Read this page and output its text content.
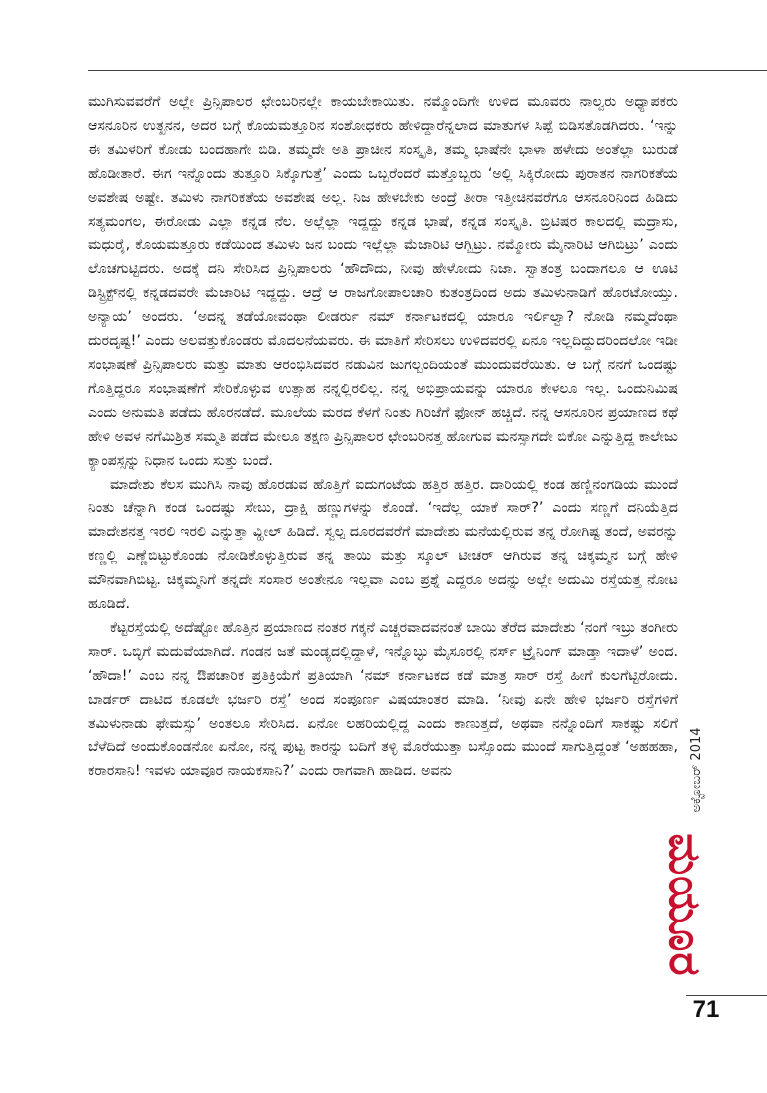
ಮುಗಿಸುವವರೆಗೆ ಅಲ್ಲೇ ಪ್ರಿನ್ಸಿಪಾಲರ ಛೇಂಬರಿನಲ್ಲೇ ಕಾಯಬೇಕಾಯಿತು. ನಮ್ಮೊಂದಿಗೇ ಉಳಿದ ಮೂವರು ನಾಲ್ವರು ಅಧ್ಯಾಪಕರು ಆಸನೂರಿನ ಉತ್ಖನನ, ಅದರ ಬಗ್ಗೆ ಕೊಯಮತ್ತೂರಿನ ಸಂಶೋಧಕರು ಹೇಳಿದ್ದಾರೆನ್ನಲಾದ ಮಾತುಗಳ ಸಿಪ್ಪೆ ಬಿಡಿಸತೊಡಗಿದರು. ‘ಇನ್ನು ಈ ತಮಿಳರಿಗೆ ಕೋಡು ಬಂದಹಾಗೇ ಬಿಡಿ. ತಮ್ಮದೇ ಅತಿ ಪ್ರಾಚೀನ ಸಂಸ್ಕೃತಿ, ತಮ್ಮ ಭಾಷೆನೇ ಭಾಳಾ ಹಳೇದು ಅಂತೆಲ್ಲಾ ಬುರುಡೆ ಹೊಡೀತಾರೆ. ಈಗ ಇನ್ನೊಂದು ತುತ್ತೂರಿ ಸಿಕ್ಕೊಗುತ್ತೆ’ ಎಂದು ಒಬ್ಬರೆಂದರೆ ಮತ್ತೊಬ್ಬರು ‘ಅಲ್ಲಿ ಸಿಕ್ಕಿರೋದು ಪುರಾತನ ನಾಗರಿಕತೆಯ ಅವಶೇಷ ಅಷ್ಟೇ. ತಮಿಳು ನಾಗರಿಕತೆಯ ಅವಶೇಷ ಅಲ್ಲ. ನಿಜ ಹೇಳಬೇಕು ಅಂದ್ರೆ ತೀರಾ ಇತ್ತೀಚಿನವರೆಗೂ ಆಸನೂರಿನಿಂದ ಹಿಡಿದು ಸತ್ಯಮಂಗಲ, ಈರೋಡು ಎಲ್ಲಾ ಕನ್ನಡ ನೆಲ. ಅಲ್ಲೆಲ್ಲಾ ಇದ್ದದ್ದು ಕನ್ನಡ ಭಾಷೆ, ಕನ್ನಡ ಸಂಸ್ಕೃತಿ. ಬ್ರಿಟಿಷರ ಕಾಲದಲ್ಲಿ ಮದ್ರಾಸು, ಮಧುರೈ, ಕೊಯಮತ್ತೂರು ಕಡೆಯಿಂದ ತಮಿಳು ಜನ ಬಂದು ಇಲ್ಲೆಲ್ಲಾ ಮೆಜಾರಿಟಿ ಆಗ್ಬಿಟ್ರು. ನಮ್ಮೋರು ಮೈನಾರಿಟಿ ಆಗಿಬಿಟ್ರು’ ಎಂದು ಲೊಚಗುಟ್ಟಿದರು. ಅದಕ್ಕೆ ದನಿ ಸೇರಿಸಿದ ಪ್ರಿನ್ಸಿಪಾಲರು ‘ಹೌದೌದು, ನೀವು ಹೇಳೋದು ನಿಜಾ. ಸ್ವಾತಂತ್ರ ಬಂದಾಗಲೂ ಆ ಊಟಿ ಡಿಸ್ಟ್ರಿಕ್ಟ್‌ನಲ್ಲಿ ಕನ್ನಡದವರೇ ಮೆಜಾರಿಟಿ ಇದ್ದದ್ದು. ಆದ್ರೆ ಆ ರಾಜಗೋಪಾಲಚಾರಿ ಕುತಂತ್ರದಿಂದ ಅದು ತಮಿಳುನಾಡಿಗೆ ಹೊರಟೋಯ್ತು. ಅನ್ಯಾಯ’ ಅಂದರು. ‘ಅದನ್ನ ತಡೆಯೋವಂಥಾ ಲೀಡರ್ರು ನಮ್ ಕರ್ನಾಟಕದಲ್ಲಿ ಯಾರೂ ಇರ್ಲಿಲ್ವಾ? ನೋಡಿ ನಮ್ಮದೆಂಥಾ ದುರದೃಷ್ಟ!’ ಎಂದು ಅಲವತ್ತುಕೊಂಡರು ಮೊದಲನೆಯವರು. ಈ ಮಾತಿಗೆ ಸೇರಿಸಲು ಉಳಿದವರಲ್ಲಿ ಏನೂ ಇಲ್ಲದಿದ್ದುದರಿಂದಲೋ ಇಡೀ ಸಂಭಾಷಣೆ ಪ್ರಿನ್ಸಿಪಾಲರು ಮತ್ತು ಮಾತು ಆರಂಭಿಸಿದವರ ನಡುವಿನ ಜುಗಲ್ಬಂದಿಯಂತೆ ಮುಂದುವರೆಯಿತು. ಆ ಬಗ್ಗೆ ನನಗೆ ಒಂದಷ್ಟು ಗೊತ್ತಿದ್ದರೂ ಸಂಭಾಷಣೆಗೆ ಸೇರಿಕೊಳ್ಳುವ ಉತ್ಸಾಹ ನನ್ನಲ್ಲಿರಲಿಲ್ಲ. ನನ್ನ ಅಭಿಪ್ರಾಯವನ್ನು ಯಾರೂ ಕೇಳಲೂ ಇಲ್ಲ. ಒಂದುನಿಮಿಷ ಎಂದು ಅನುಮತಿ ಪಡೆದು ಹೊರನಡೆದೆ. ಮೂಲೆಯ ಮರದ ಕೆಳಗೆ ನಿಂತು ಗಿರಿಜೆಗೆ ಫೋನ್ ಹಚ್ಚಿದೆ. ನನ್ನ ಆಸನೂರಿನ ಪ್ರಯಾಣದ ಕಥೆ ಹೇಳಿ ಅವಳ ನಗೆಮಿಶ್ರಿತ ಸಮ್ಮತಿ ಪಡೆದ ಮೇಲೂ ತಕ್ಷಣ ಪ್ರಿನ್ಸಿಪಾಲರ ಛೇಂಬರಿನತ್ತ ಹೋಗುವ ಮನಸ್ಸಾಗದೇ ಬಿಕೋ ಎನ್ನುತ್ತಿದ್ದ ಕಾಲೇಜು ಕ್ಯಾಂಪಸ್ಸನ್ನು ನಿಧಾನ ಒಂದು ಸುತ್ತು ಬಂದೆ.

ಮಾದೇಶು ಕೆಲಸ ಮುಗಿಸಿ ನಾವು ಹೊರಡುವ ಹೊತ್ತಿಗೆ ಐದುಗಂಟೆಯ ಹತ್ತಿರ ಹತ್ತಿರ. ದಾರಿಯಲ್ಲಿ ಕಂಡ ಹಣ್ಣಿನಂಗಡಿಯ ಮುಂದೆ ನಿಂತು ಚೆನ್ನಾಗಿ ಕಂಡ ಒಂದಷ್ಟು ಸೇಬು, ದ್ರಾಕ್ಷಿ ಹಣ್ಣುಗಳನ್ನು ಕೊಂಡೆ. ‘ಇದೆಲ್ಲ ಯಾಕೆ ಸಾರ್?’ ಎಂದು ಸಣ್ಣಗೆ ದನಿಯೆತ್ತಿದ ಮಾದೇಶನತ್ತ ಇರಲಿ ಇರಲಿ ಎನ್ನುತ್ತಾ ವ್ಹೀಲ್ ಹಿಡಿದೆ. ಸ್ವಲ್ಪ ದೂರದವರೆಗೆ ಮಾದೇಶು ಮನೆಯಲ್ಲಿರುವ ತನ್ನ ರೋಗಿಷ್ಟ ತಂದೆ, ಅವರನ್ನು ಕಣ್ಣಲ್ಲಿ ಎಣ್ಣೆಬಿಟ್ಟುಕೊಂಡು ನೋಡಿಕೊಳ್ಳುತ್ತಿರುವ ತನ್ನ ತಾಯಿ ಮತ್ತು ಸ್ಕೂಲ್ ಟೀಚರ್ ಆಗಿರುವ ತನ್ನ ಚಿಕ್ಕಮ್ಮನ ಬಗ್ಗೆ ಹೇಳಿ ಮೌನವಾಗಿಬಿಟ್ಟ. ಚಿಕ್ಕಮ್ಮನಿಗೆ ತನ್ನದೇ ಸಂಸಾರ ಅಂತೇನೂ ಇಲ್ಲವಾ ಎಂಬ ಪ್ರಶ್ನೆ ಎದ್ದರೂ ಅದನ್ನು ಅಲ್ಲೇ ಅದುಮಿ ರಸ್ತೆಯತ್ತ ನೋಟ ಹೂಡಿದೆ.

ಕೆಟ್ಟರಸ್ತೆಯಲ್ಲಿ ಅದೆಷ್ಟೋ ಹೊತ್ತಿನ ಪ್ರಯಾಣದ ನಂತರ ಗಕ್ಕನೆ ಎಚ್ಚರವಾದವನಂತೆ ಬಾಯಿ ತೆರೆದ ಮಾದೇಶು ‘ನಂಗೆ ಇಬ್ರು ತಂಗೀರು ಸಾರ್. ಒಬ್ಳಿಗೆ ಮದುವೆಯಾಗಿದೆ. ಗಂಡನ ಜತೆ ಮಂಡ್ಯದಲ್ಲಿದ್ದಾಳೆ, ಇನ್ನೊಬ್ಳು ಮೈಸೂರಲ್ಲಿ ನರ್ಸ್ ಟ್ರೈನಿಂಗ್ ಮಾಡ್ತಾ ಇದಾಳೆ’ ಅಂದ. ‘ಹೌದಾ!’ ಎಂಬ ನನ್ನ ಔಪಚಾರಿಕ ಪ್ರತಿಕ್ರಿಯೆಗೆ ಪ್ರತಿಯಾಗಿ ‘ನಮ್ ಕರ್ನಾಟಕದ ಕಡೆ ಮಾತ್ರ ಸಾರ್ ರಸ್ತೆ ಹೀಗೆ ಕುಲಗೆಟ್ಟಿರೋದು. ಬಾರ್ಡರ್ ದಾಟಿದ ಕೂಡಲೇ ಭರ್ಜರಿ ರಸ್ತೆ’ ಅಂದ ಸಂಪೂರ್ಣ ವಿಷಯಾಂತರ ಮಾಡಿ. ‘ನೀವು ಏನೇ ಹೇಳಿ ಭರ್ಜರಿ ರಸ್ತೆಗಳಿಗೆ ತಮಿಳುನಾಡು ಫೇಮಸ್ಸು’ ಅಂತಲೂ ಸೇರಿಸಿದ. ಏನೋ ಲಹರಿಯಲ್ಲಿದ್ದ ಎಂದು ಕಾಣುತ್ತದೆ, ಅಥವಾ ನನ್ನೊಂದಿಗೆ ಸಾಕಷ್ಟು ಸಲಿಗೆ ಬೆಳೆದಿದೆ ಅಂದುಕೊಂಡನೋ ಏನೋ, ನನ್ನ ಪುಟ್ಟ ಕಾರನ್ನು ಬದಿಗೆ ತಳ್ಳಿ ಮೊರೆಯುತ್ತಾ ಬಸ್ಸೊಂದು ಮುಂದೆ ಸಾಗುತ್ತಿದ್ದಂತೆ ‘ಅಹಹಹಾ, ಕರಾರಸಾನಿ! ಇವಳು ಯಾವೂರ ನಾಯಕಸಾನಿ?’ ಎಂದು ರಾಗವಾಗಿ ಹಾಡಿದ. ಅವನು	ಅಕ್ಟೋಬರ್ 2014
ಮಯೂರ
71
